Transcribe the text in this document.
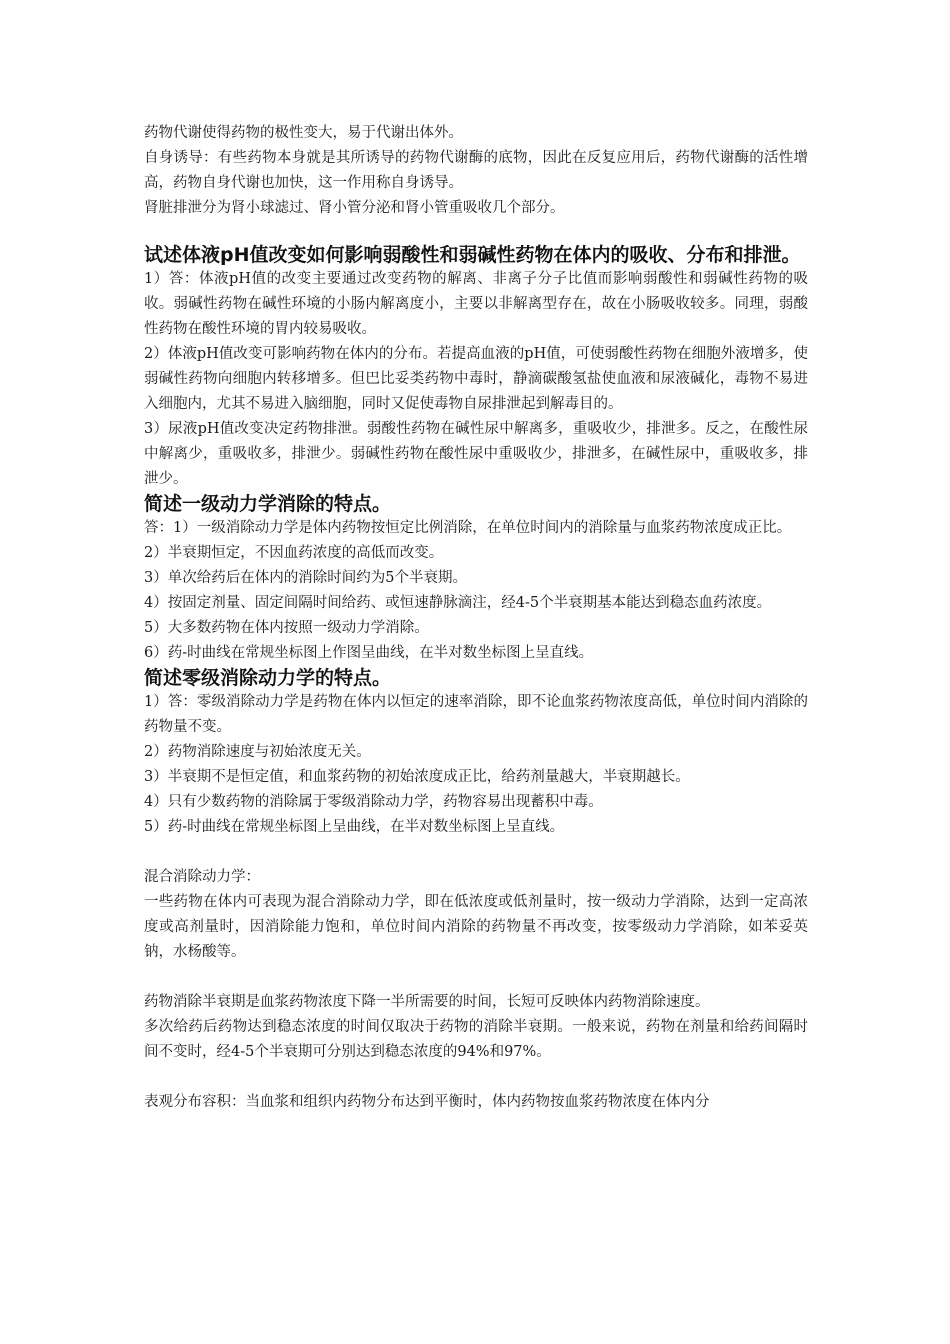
药物代谢使得药物的极性变大，易于代谢出体外。

自身诱导：有些药物本身就是其所诱导的药物代谢酶的底物，因此在反复应用后，药物代谢酶的活性增高，药物自身代谢也加快，这一作用称自身诱导。

肾脏排泄分为肾小球滤过、肾小管分泌和肾小管重吸收几个部分。

试述体液pH值改变如何影响弱酸性和弱碱性药物在体内的吸收、分布和排泄。

1）答：体液pH值的改变主要通过改变药物的解离、非离子分子比值而影响弱酸性和弱碱性药物的吸收。弱碱性药物在碱性环境的小肠内解离度小，主要以非解离型存在，故在小肠吸收较多。同理，弱酸性药物在酸性环境的胃内较易吸收。

2）体液pH值改变可影响药物在体内的分布。若提高血液的pH值，可使弱酸性药物在细胞外液增多，使弱碱性药物向细胞内转移增多。但巴比妥类药物中毒时，静滴碳酸氢盐使血液和尿液碱化，毒物不易进入细胞内，尤其不易进入脑细胞，同时又促使毒物自尿排泄起到解毒目的。

3）尿液pH值改变决定药物排泄。弱酸性药物在碱性尿中解离多，重吸收少，排泄多。反之，在酸性尿中解离少，重吸收多，排泄少。弱碱性药物在酸性尿中重吸收少，排泄多，在碱性尿中，重吸收多，排泄少。

简述一级动力学消除的特点。

答：1）一级消除动力学是体内药物按恒定比例消除，在单位时间内的消除量与血浆药物浓度成正比。

2）半衰期恒定，不因血药浓度的高低而改变。

3）单次给药后在体内的消除时间约为5个半衰期。

4）按固定剂量、固定间隔时间给药、或恒速静脉滴注，经4-5个半衰期基本能达到稳态血药浓度。

5）大多数药物在体内按照一级动力学消除。

6）药-时曲线在常规坐标图上作图呈曲线，在半对数坐标图上呈直线。

简述零级消除动力学的特点。

1）答：零级消除动力学是药物在体内以恒定的速率消除，即不论血浆药物浓度高低，单位时间内消除的药物量不变。

2）药物消除速度与初始浓度无关。

3）半衰期不是恒定值，和血浆药物的初始浓度成正比，给药剂量越大，半衰期越长。

4）只有少数药物的消除属于零级消除动力学，药物容易出现蓄积中毒。

5）药-时曲线在常规坐标图上呈曲线，在半对数坐标图上呈直线。

混合消除动力学：

一些药物在体内可表现为混合消除动力学，即在低浓度或低剂量时，按一级动力学消除，达到一定高浓度或高剂量时，因消除能力饱和，单位时间内消除的药物量不再改变，按零级动力学消除，如苯妥英钠，水杨酸等。

药物消除半衰期是血浆药物浓度下降一半所需要的时间，长短可反映体内药物消除速度。

多次给药后药物达到稳态浓度的时间仅取决于药物的消除半衰期。一般来说，药物在剂量和给药间隔时间不变时，经4-5个半衰期可分别达到稳态浓度的94%和97%。

表观分布容积：当血浆和组织内药物分布达到平衡时，体内药物按血浆药物浓度在体内分
